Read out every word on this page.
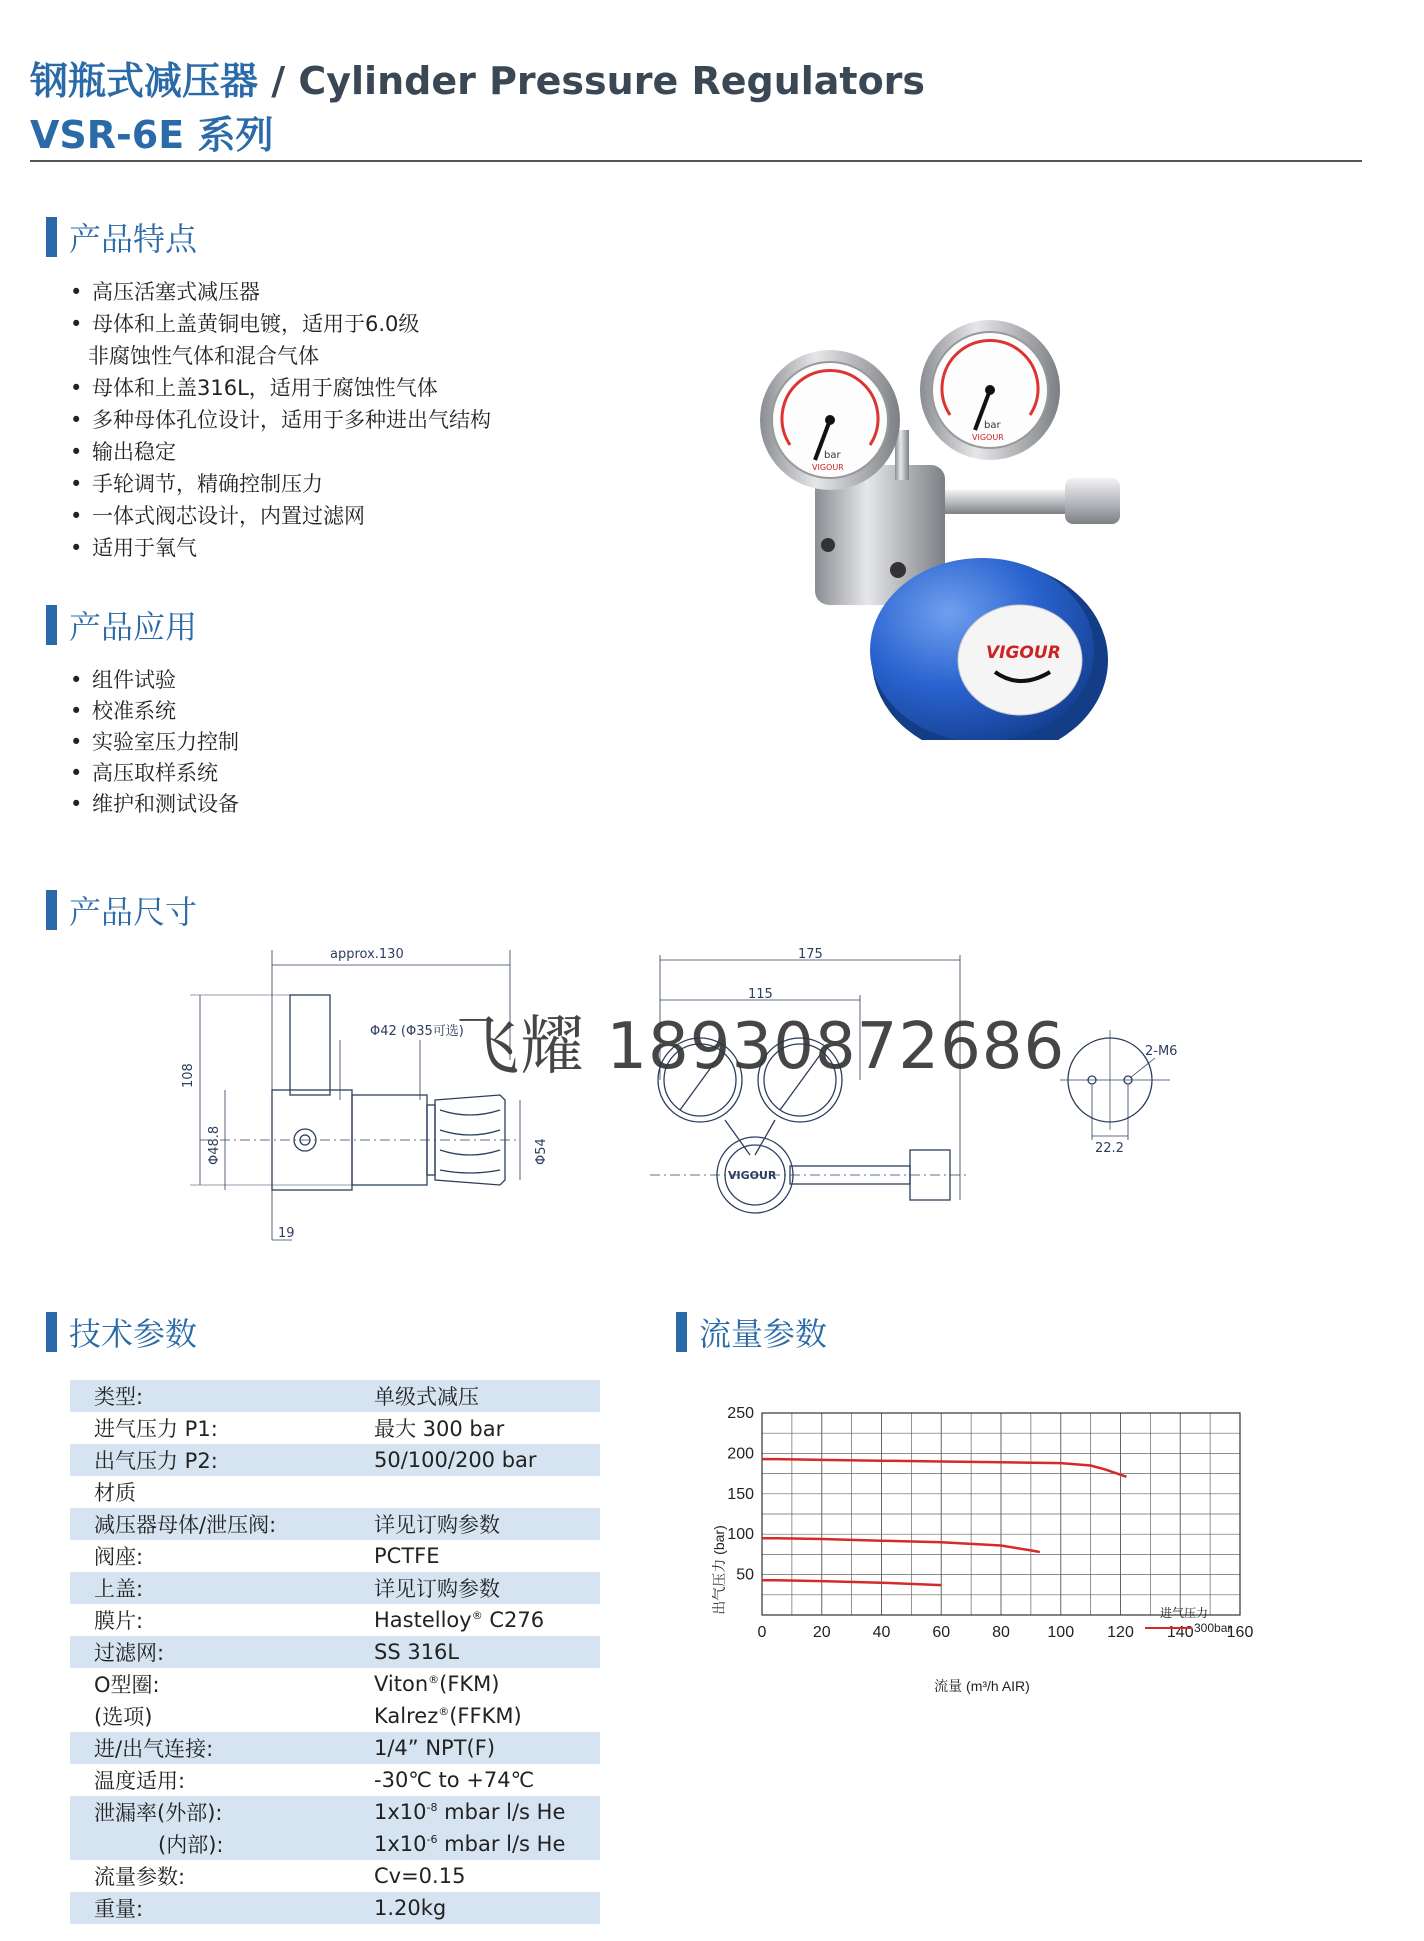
钢瓶式减压器 / Cylinder Pressure Regulators
VSR-6E 系列
产品特点
• 高压活塞式减压器
• 母体和上盖黄铜电镀，适用于6.0级
非腐蚀性气体和混合气体
• 母体和上盖316L，适用于腐蚀性气体
• 多种母体孔位设计，适用于多种进出气结构
• 输出稳定
• 手轮调节，精确控制压力
• 一体式阀芯设计，内置过滤网
• 适用于氧气
产品应用
• 组件试验
• 校准系统
• 实验室压力控制
• 高压取样系统
• 维护和测试设备
bar
VIGOUR
bar
VIGOUR
VIGOUR
产品尺寸
approx.130
108
Φ48.8
Φ42 (Φ35可选)
Φ54
19
175
115
VIGOUR
2-M6
22.2
飞耀 18930872686
技术参数
类型:	单级式减压
进气压力 P1:	最大 300 bar
出气压力 P2:	50/100/200 bar
材质	
减压器母体/泄压阀:	详见订购参数
阀座:	PCTFE
上盖:	详见订购参数
膜片:	Hastelloy® C276
过滤网:	SS 316L
O型圈:	Viton®(FKM)
(选项)	Kalrez®(FFKM)
进/出气连接:	1/4” NPT(F)
温度适用:	-30℃ to +74℃
泄漏率(外部):	$1x10^{-8}$ mbar l/s He
(内部):	$1x10^{-6}$ mbar l/s He
流量参数:	Cv=0.15
重量:	1.20kg
流量参数
0	20	40	60	80 100 120 140 160
50
100
150
200
250
出气压力 (bar)
流量 (m³/h AIR)
进气压力
300bar
